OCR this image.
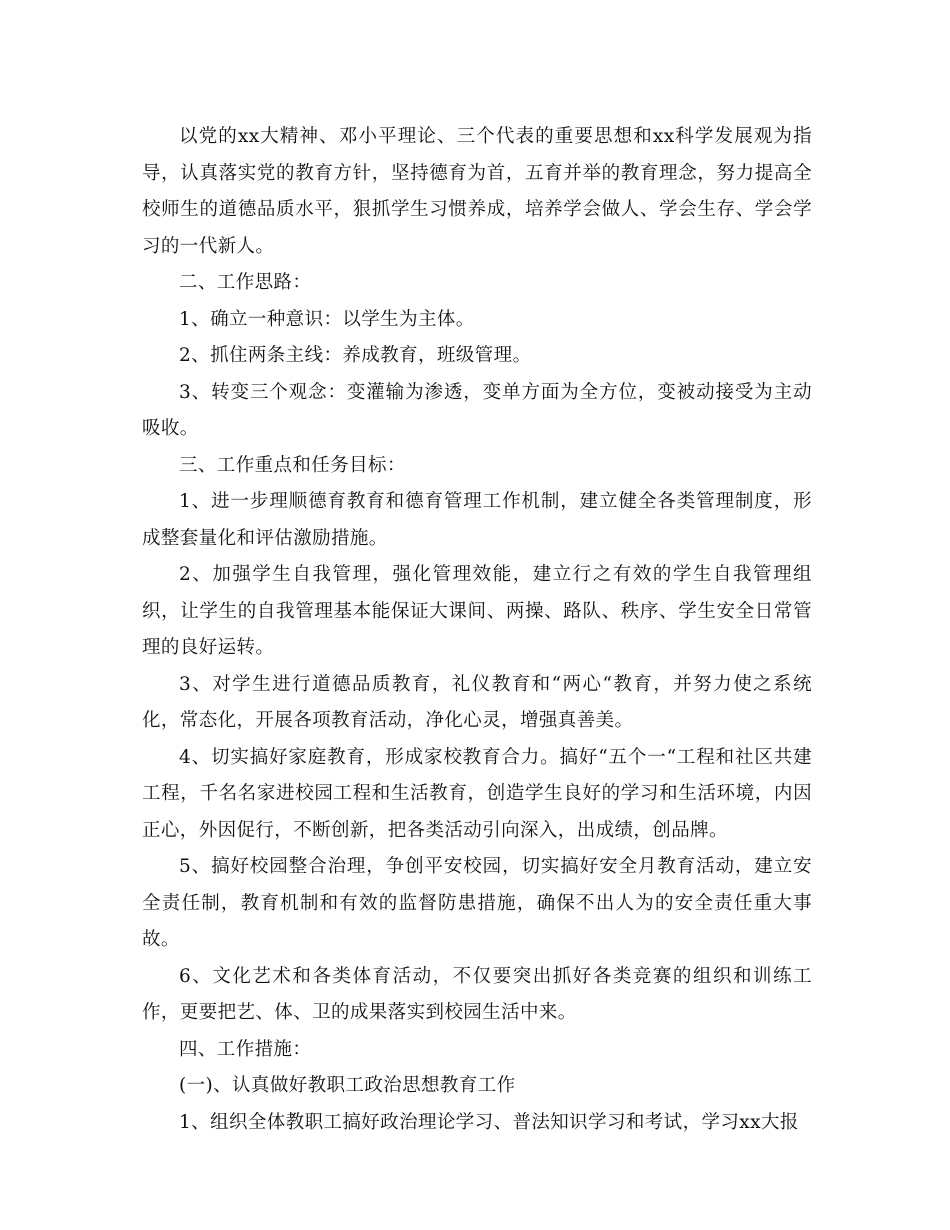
以党的xx大精神、邓小平理论、三个代表的重要思想和xx科学发展观为指导，认真落实党的教育方针，坚持德育为首，五育并举的教育理念，努力提高全校师生的道德品质水平，狠抓学生习惯养成，培养学会做人、学会生存、学会学习的一代新人。

二、工作思路：

1、确立一种意识：以学生为主体。

2、抓住两条主线：养成教育，班级管理。

3、转变三个观念：变灌输为渗透，变单方面为全方位，变被动接受为主动吸收。

三、工作重点和任务目标：

1、进一步理顺德育教育和德育管理工作机制，建立健全各类管理制度，形成整套量化和评估激励措施。

2、加强学生自我管理，强化管理效能，建立行之有效的学生自我管理组织，让学生的自我管理基本能保证大课间、两操、路队、秩序、学生安全日常管理的良好运转。

3、对学生进行道德品质教育，礼仪教育和“两心“教育，并努力使之系统化，常态化，开展各项教育活动，净化心灵，增强真善美。

4、切实搞好家庭教育，形成家校教育合力。搞好“五个一“工程和社区共建工程，千名名家进校园工程和生活教育，创造学生良好的学习和生活环境，内因正心，外因促行，不断创新，把各类活动引向深入，出成绩，创品牌。

5、搞好校园整合治理，争创平安校园，切实搞好安全月教育活动，建立安全责任制，教育机制和有效的监督防患措施，确保不出人为的安全责任重大事故。

6、文化艺术和各类体育活动，不仅要突出抓好各类竞赛的组织和训练工作，更要把艺、体、卫的成果落实到校园生活中来。

四、工作措施：

(一)、认真做好教职工政治思想教育工作

1、组织全体教职工搞好政治理论学习、普法知识学习和考试，学习xx大报
